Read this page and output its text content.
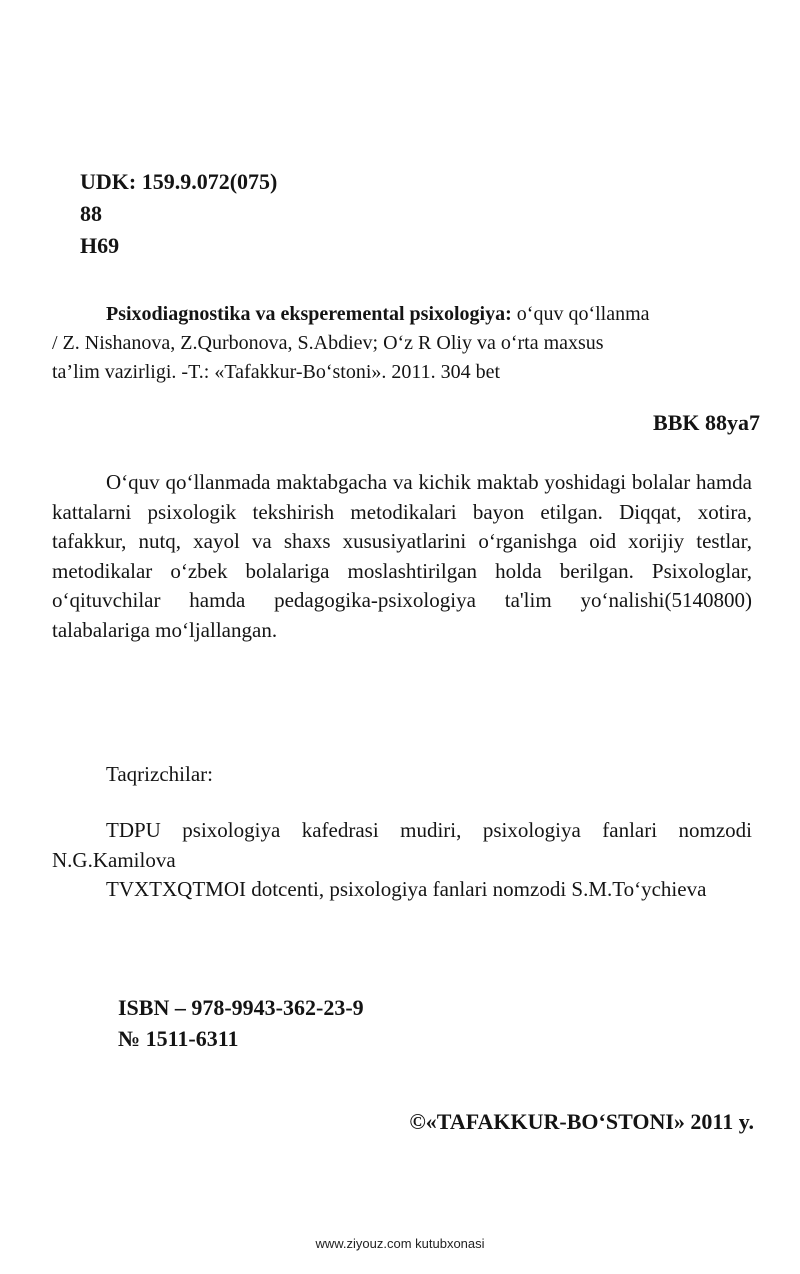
UDK: 159.9.072(075)
88
H69
Psixodiagnostika va eksperemental psixologiya: o‘quv qo‘llanma
/ Z. Nishanova, Z.Qurbonova, S.Abdiev; O‘z R Oliy va o‘rta maxsus
ta’lim vazirligi. -T.: «Tafakkur-Bo‘stoni». 2011. 304 bet
BBK 88ya7
O‘quv qo‘llanmada maktabgacha va kichik maktab yoshidagi bolalar hamda kattalarni psixologik tekshirish metodikalari bayon etilgan. Diqqat, xotira, tafakkur, nutq, xayol va shaxs xususiyatlarini o‘rganishga oid xorijiy testlar, metodikalar o‘zbek bolalariga moslashtirilgan holda berilgan. Psixologlar, o‘qituvchilar hamda pedagogika-psixologiya ta'lim yo‘nalishi(5140800) talabalariga mo‘ljallangan.
Taqrizchilar:
TDPU psixologiya kafedrasi mudiri, psixologiya fanlari nomzodi N.G.Kamilova
TVXTXQTMOI dotcenti, psixologiya fanlari nomzodi S.M.To‘ychieva
ISBN – 978-9943-362-23-9
№ 1511-6311
©«TAFAKKUR-BO‘STONI» 2011 y.
www.ziyouz.com kutubxonasi
